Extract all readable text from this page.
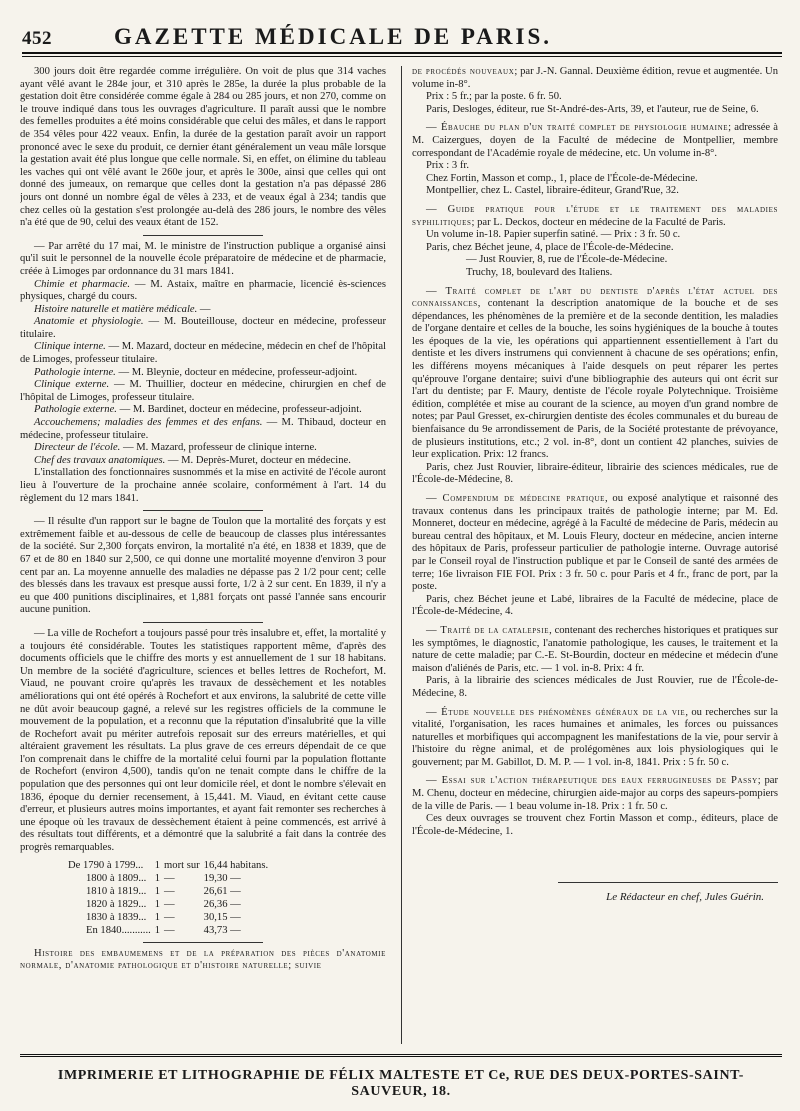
452	GAZETTE MÉDICALE DE PARIS.

300 jours doit être regardée comme irrégulière. On voit de plus que 314 vaches ayant vêlé avant le 284e jour, et 310 après le 285e, la durée la plus probable de la gestation doit être considérée comme égale à 284 ou 285 jours, et non 270, comme on le trouve indiqué dans tous les ouvrages d'agriculture. Il paraît aussi que le nombre des femelles produites a été moins considérable que celui des mâles, et dans le rapport de 354 vêles pour 422 veaux. Enfin, la durée de la gestation paraît avoir un rapport prononcé avec le sexe du produit, ce dernier étant généralement un veau mâle lorsque la gestation avait été plus longue que celle normale. Si, en effet, on élimine du tableau les vaches qui ont vêlé avant le 260e jour, et après le 300e, ainsi que celles qui ont donné des jumeaux, on remarque que celles dont la gestation n'a pas dépassé 286 jours ont donné un nombre égal de vêles à 233, et de veaux égal à 234; tandis que chez celles où la gestation s'est prolongée au-delà des 286 jours, le nombre des vêles n'a été que de 90, celui des veaux étant de 152.

— Par arrêté du 17 mai, M. le ministre de l'instruction publique a organisé ainsi qu'il suit le personnel de la nouvelle école préparatoire de médecine et de pharmacie, créée à Limoges par ordonnance du 31 mars 1841.

Chimie et pharmacie. — M. Astaix, maître en pharmacie, licencié ès-sciences physiques, chargé du cours.

Histoire naturelle et matière médicale. —

Anatomie et physiologie. — M. Bouteillouse, docteur en médecine, professeur titulaire.

Clinique interne. — M. Mazard, docteur en médecine, médecin en chef de l'hôpital de Limoges, professeur titulaire.

Pathologie interne. — M. Bleynie, docteur en médecine, professeur-adjoint.

Clinique externe. — M. Thuillier, docteur en médecine, chirurgien en chef de l'hôpital de Limoges, professeur titulaire.

Pathologie externe. — M. Bardinet, docteur en médecine, professeur-adjoint.

Accouchemens; maladies des femmes et des enfans. — M. Thibaud, docteur en médecine, professeur titulaire.

Directeur de l'école. — M. Mazard, professeur de clinique interne.

Chef des travaux anatomiques. — M. Deprès-Muret, docteur en médecine.

L'installation des fonctionnaires susnommés et la mise en activité de l'école auront lieu à l'ouverture de la prochaine année scolaire, conformément à l'art. 14 du règlement du 12 mars 1841.

— Il résulte d'un rapport sur le bagne de Toulon que la mortalité des forçats y est extrêmement faible et au-dessous de celle de beaucoup de classes plus intéressantes de la société. Sur 2,300 forçats environ, la mortalité n'a été, en 1838 et 1839, que de 67 et de 80 en 1840 sur 2,500, ce qui donne une mortalité moyenne d'environ 3 pour cent par an. La moyenne annuelle des maladies ne dépasse pas 2 1/2 pour cent; celle des blessés dans les travaux est presque aussi forte, 1/2 à 2 sur cent. En 1839, il n'y a eu que 400 punitions disciplinaires, et 1,881 forçats ont passé l'année sans encourir aucune punition.

— La ville de Rochefort a toujours passé pour très insalubre et, effet, la mortalité y a toujours été considérable. Toutes les statistiques rapportent même, d'après des documents officiels que le chiffre des morts y est annuellement de 1 sur 18 habitans. Un membre de la société d'agriculture, sciences et belles lettres de Rochefort, M. Viaud, ne pouvant croire qu'après les travaux de dessèchement et les notables améliorations qui ont été opérés à Rochefort et aux environs, la salubrité de cette ville ne dût avoir beaucoup gagné, a relevé sur les registres officiels de la commune le mouvement de la population, et a reconnu que la réputation d'insalubrité que la ville de Rochefort avait pu mériter autrefois reposait sur des erreurs matérielles, et qui altéraient gravement les résultats. La plus grave de ces erreurs dépendait de ce que l'on comprenait dans le chiffre de la mortalité celui fourni par la population flottante de Rochefort (environ 4,500), tandis qu'on ne tenait compte dans le chiffre de la population que des personnes qui ont leur domicile réel, et dont le nombre s'élevait en 1836, époque du dernier recensement, à 15,441. M. Viaud, en évitant cette cause d'erreur, et plusieurs autres moins importantes, et ayant fait remonter ses recherches à une époque où les travaux de dessèchement étaient à peine commencés, est arrivé à des résultats tout différents, et a démontré que la salubrité a fait dans la contrée des progrès remarquables.

De 1790 à 1799...	1	mort sur	16,44 habitans.
1800 à 1809...	1	—	19,30 —
1810 à 1819...	1	—	26,61 —
1820 à 1829...	1	—	26,36 —
1830 à 1839...	1	—	30,15 —
En 1840...........	1	—	43,73 —

Histoire des embaumemens et de la préparation des pièces d'anatomie normale, d'anatomie pathologique et d'histoire naturelle; suivie

de procédés nouveaux; par J.-N. Gannal. Deuxième édition, revue et augmentée. Un volume in-8°.

Prix : 5 fr.; par la poste. 6 fr. 50.

Paris, Desloges, éditeur, rue St-André-des-Arts, 39, et l'auteur, rue de Seine, 6.

— Ébauche du plan d'un traité complet de physiologie humaine; adressée à M. Caizergues, doyen de la Faculté de médecine de Montpellier, membre correspondant de l'Académie royale de médecine, etc. Un volume in-8°.

Prix : 3 fr.

Chez Fortin, Masson et comp., 1, place de l'École-de-Médecine.

Montpellier, chez L. Castel, libraire-éditeur, Grand'Rue, 32.

— Guide pratique pour l'étude et le traitement des maladies syphilitiques; par L. Deckos, docteur en médecine de la Faculté de Paris.

Un volume in-18. Papier superfin satiné. — Prix : 3 fr. 50 c.

Paris, chez Béchet jeune, 4, place de l'École-de-Médecine.

— Just Rouvier, 8, rue de l'École-de-Médecine.

Truchy, 18, boulevard des Italiens.

— Traité complet de l'art du dentiste d'après l'état actuel des connaissances, contenant la description anatomique de la bouche et de ses dépendances, les phénomènes de la première et de la seconde dentition, les maladies de l'organe dentaire et celles de la bouche, les soins hygiéniques de la bouche à toutes les époques de la vie, les opérations qui appartiennent essentiellement à l'art du dentiste et les divers instrumens qui conviennent à chacune de ses opérations; enfin, les différens moyens mécaniques à l'aide desquels on peut réparer les pertes qu'éprouve l'organe dentaire; suivi d'une bibliographie des auteurs qui ont écrit sur l'art du dentiste; par F. Maury, dentiste de l'école royale Polytechnique. Troisième édition, complétée et mise au courant de la science, au moyen d'un grand nombre de notes; par Paul Gresset, ex-chirurgien dentiste des écoles communales et du bureau de bienfaisance du 9e arrondissement de Paris, de la Société protestante de prévoyance, de plusieurs institutions, etc.; 2 vol. in-8°, dont un contient 42 planches, suivies de leur explication. Prix: 12 francs.

Paris, chez Just Rouvier, libraire-éditeur, librairie des sciences médicales, rue de l'École-de-Médecine, 8.

— Compendium de médecine pratique, ou exposé analytique et raisonné des travaux contenus dans les principaux traités de pathologie interne; par M. Ed. Monneret, docteur en médecine, agrégé à la Faculté de médecine de Paris, médecin au bureau central des hôpitaux, et M. Louis Fleury, docteur en médecine, ancien interne des hôpitaux de Paris, professeur particulier de pathologie interne. Ouvrage autorisé par le Conseil royal de l'instruction publique et par le Conseil de santé des armées de terre; 16e livraison FIE FOI. Prix : 3 fr. 50 c. pour Paris et 4 fr., franc de port, par la poste.

Paris, chez Béchet jeune et Labé, libraires de la Faculté de médecine, place de l'École-de-Médecine, 4.

— Traité de la catalepsie, contenant des recherches historiques et pratiques sur les symptômes, le diagnostic, l'anatomie pathologique, les causes, le traitement et la nature de cette maladie; par C.-E. St-Bourdin, docteur en médecine et médecin d'une maison d'aliénés de Paris, etc. — 1 vol. in-8. Prix: 4 fr.

Paris, à la librairie des sciences médicales de Just Rouvier, rue de l'École-de-Médecine, 8.

— Étude nouvelle des phénomènes généraux de la vie, ou recherches sur la vitalité, l'organisation, les races humaines et animales, les forces ou puissances naturelles et morbifiques qui accompagnent les manifestations de la vie, pour servir à l'histoire du règne animal, et de prolégomènes aux lois physiologiques qui le gouvernent; par M. Gabillot, D. M. P. — 1 vol. in-8, 1841. Prix : 5 fr. 50 c.

— Essai sur l'action thérapeutique des eaux ferrugineuses de Passy; par M. Chenu, docteur en médecine, chirurgien aide-major au corps des sapeurs-pompiers de la ville de Paris. — 1 beau volume in-18. Prix : 1 fr. 50 c.

Ces deux ouvrages se trouvent chez Fortin Masson et comp., éditeurs, place de l'École-de-Médecine, 1.

Le Rédacteur en chef, Jules Guérin.
IMPRIMERIE ET LITHOGRAPHIE DE FÉLIX MALTESTE ET Ce, RUE DES DEUX-PORTES-SAINT-SAUVEUR, 18.
